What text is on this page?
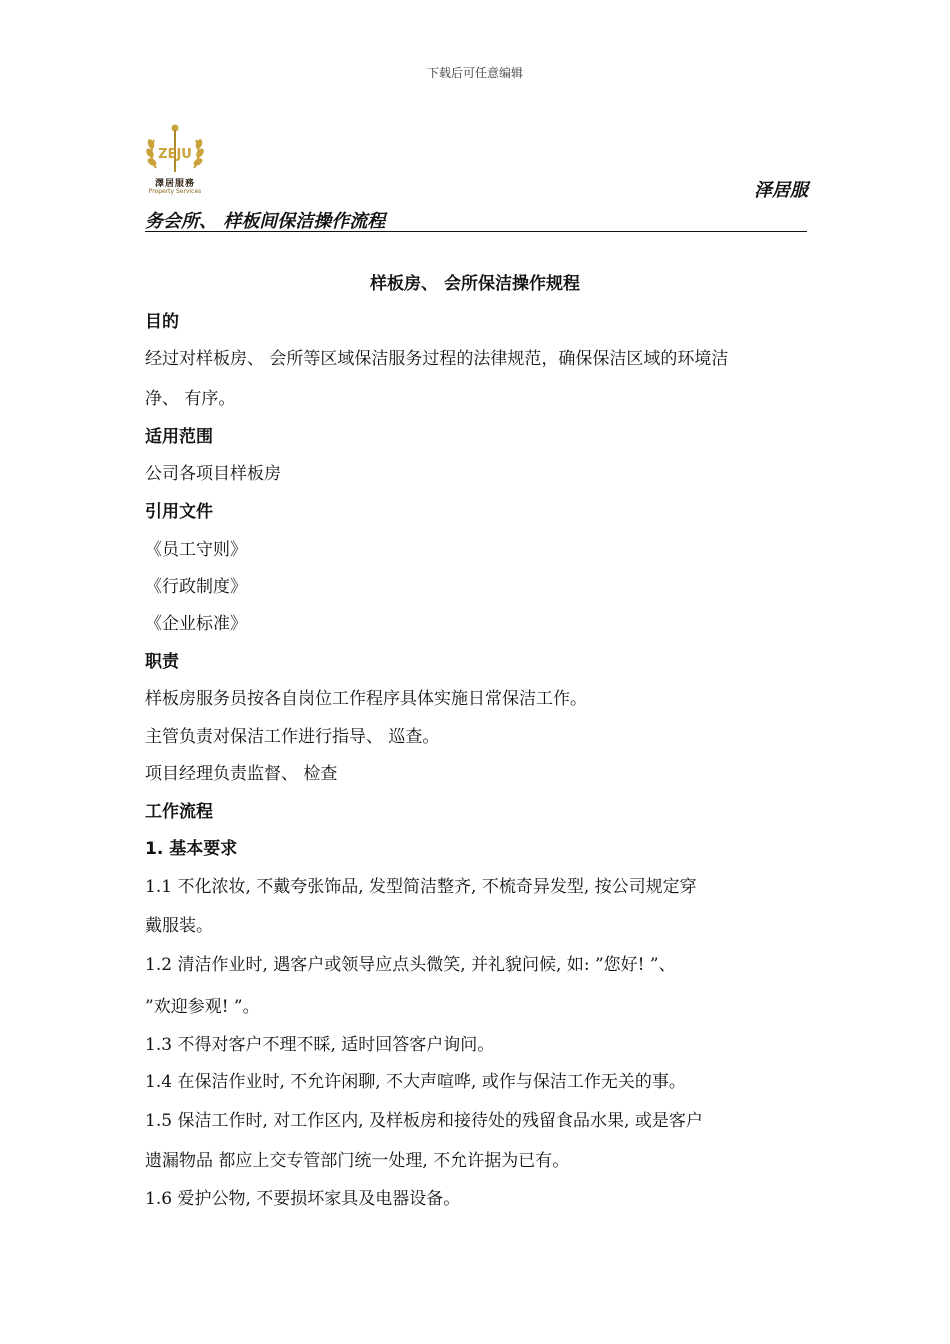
下载后可任意编辑
ZEJU
澤居服務
Property Services	泽居服
务会所、 样板间保洁操作流程
样板房、 会所保洁操作规程
目的
经过对样板房、 会所等区域保洁服务过程的法律规范，确保保洁区域的环境洁
净、 有序。
适用范围
公司各项目样板房
引用文件
《员工守则》
《行政制度》
《企业标准》
职责
样板房服务员按各自岗位工作程序具体实施日常保洁工作。
主管负责对保洁工作进行指导、 巡查。
项目经理负责监督、 检查
工作流程
1. 基本要求
1.1 不化浓妆, 不戴夸张饰品, 发型简洁整齐, 不梳奇异发型, 按公司规定穿
戴服装。
1.2 清洁作业时, 遇客户或领导应点头微笑, 并礼貌问候, 如: ”您好! ”、
”欢迎参观! ”。
1.3 不得对客户不理不睬, 适时回答客户询问。
1.4 在保洁作业时, 不允许闲聊, 不大声喧哗, 或作与保洁工作无关的事。
1.5 保洁工作时, 对工作区内, 及样板房和接待处的残留食品水果, 或是客户
遗漏物品 都应上交专管部门统一处理, 不允许据为已有。
1.6 爱护公物, 不要损坏家具及电器设备。
